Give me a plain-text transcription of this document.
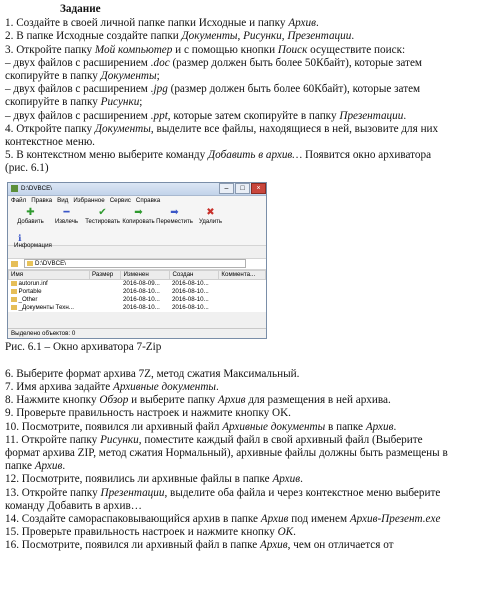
Задание
1. Создайте в своей личной папке папки Исходные и папку Архив.
2. В папке Исходные создайте папки Документы, Рисунки, Презентации.
3. Откройте папку Мой компьютер и с помощью кнопки Поиск осуществите поиск:
– двух файлов с расширением .doc (размер должен быть более 50Кбайт), которые затем
скопируйте в папку Документы;
– двух файлов с расширением .jpg (размер должен быть более 60Кбайт), которые затем
скопируйте в папку Рисунки;
– двух файлов с расширением .ppt, которые затем скопируйте в папку Презентации.
4. Откройте папку Документы, выделите все файлы, находящиеся в ней, вызовите для них
контекстное меню.
5. В контекстном меню выберите команду Добавить в архив… Появится окно архиватора
(рис. 6.1)
D:\DVBCE\	–	□	×
Файл Правка Вид Избранное Сервис Справка
✚
Добавить
━
Извлечь
✔
Тестировать
➡
Копировать
➡
Переместить
✖
Удалить
ℹ
Информация
D:\DVBCE\
Имя	Размер	Изменен	Создан	Коммента...
autorun.inf		2016-08-09...	2016-08-10...	
Portable		2016-08-10...	2016-08-10...	
_Other		2016-08-10...	2016-08-10...	
_Документы Техн...		2016-08-10...	2016-08-10...	
Выделено объектов: 0
Рис. 6.1 – Окно архиватора 7-Zip
6. Выберите формат архива 7Z, метод сжатия Максимальный.
7. Имя архива задайте Архивные документы.
8. Нажмите кнопку Обзор и выберите папку Архив для размещения в ней архива.
9. Проверьте правильность настроек и нажмите кнопку OK.
10. Посмотрите, появился ли архивный файл Архивные документы в папке Архив.
11. Откройте папку Рисунки, поместите каждый файл в свой архивный файл (Выберите
формат архива ZIP, метод сжатия Нормальный), архивные файлы должны быть размещены в
папке Архив.
12. Посмотрите, появились ли архивные файлы в папке Архив.
13. Откройте папку Презентации, выделите оба файла и через контекстное меню выберите
команду Добавить в архив…
14. Создайте самораспаковывающийся архив в папке Архив под именем Архив-Презент.exe
15. Проверьте правильность настроек и нажмите кнопку OK.
16. Посмотрите, появился ли архивный файл в папке Архив, чем он отличается от
